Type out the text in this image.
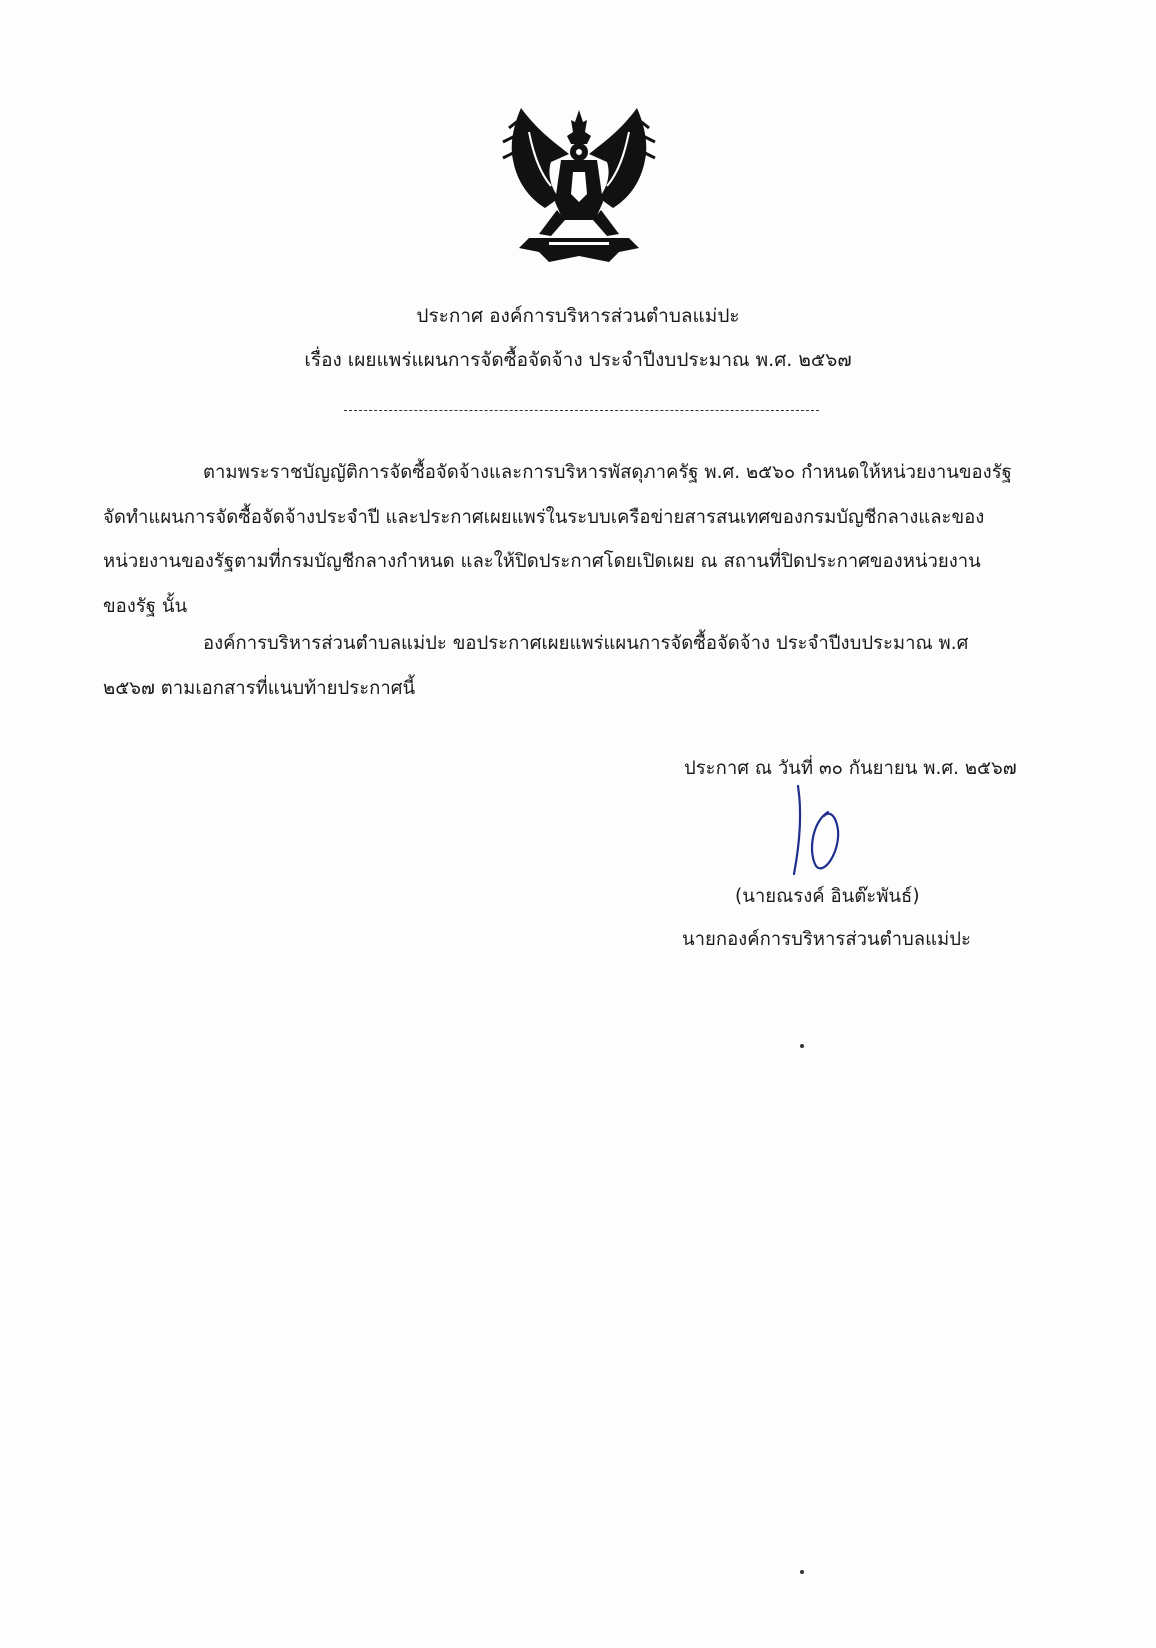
ประกาศ องค์การบริหารส่วนตำบลแม่ปะ
เรื่อง เผยแพร่แผนการจัดซื้อจัดจ้าง ประจำปีงบประมาณ พ.ศ. ๒๕๖๗
ตามพระราชบัญญัติการจัดซื้อจัดจ้างและการบริหารพัสดุภาครัฐ พ.ศ. ๒๕๖๐ กำหนดให้หน่วยงานของรัฐ
จัดทำแผนการจัดซื้อจัดจ้างประจำปี และประกาศเผยแพร่ในระบบเครือข่ายสารสนเทศของกรมบัญชีกลางและของ
หน่วยงานของรัฐตามที่กรมบัญชีกลางกำหนด และให้ปิดประกาศโดยเปิดเผย ณ สถานที่ปิดประกาศของหน่วยงาน
ของรัฐ นั้น
องค์การบริหารส่วนตำบลแม่ปะ ขอประกาศเผยแพร่แผนการจัดซื้อจัดจ้าง ประจำปีงบประมาณ พ.ศ
๒๕๖๗ ตามเอกสารที่แนบท้ายประกาศนี้
ประกาศ ณ วันที่ ๓๐ กันยายน พ.ศ. ๒๕๖๗
(นายณรงค์ อินต๊ะพันธ์)
นายกองค์การบริหารส่วนตำบลแม่ปะ
